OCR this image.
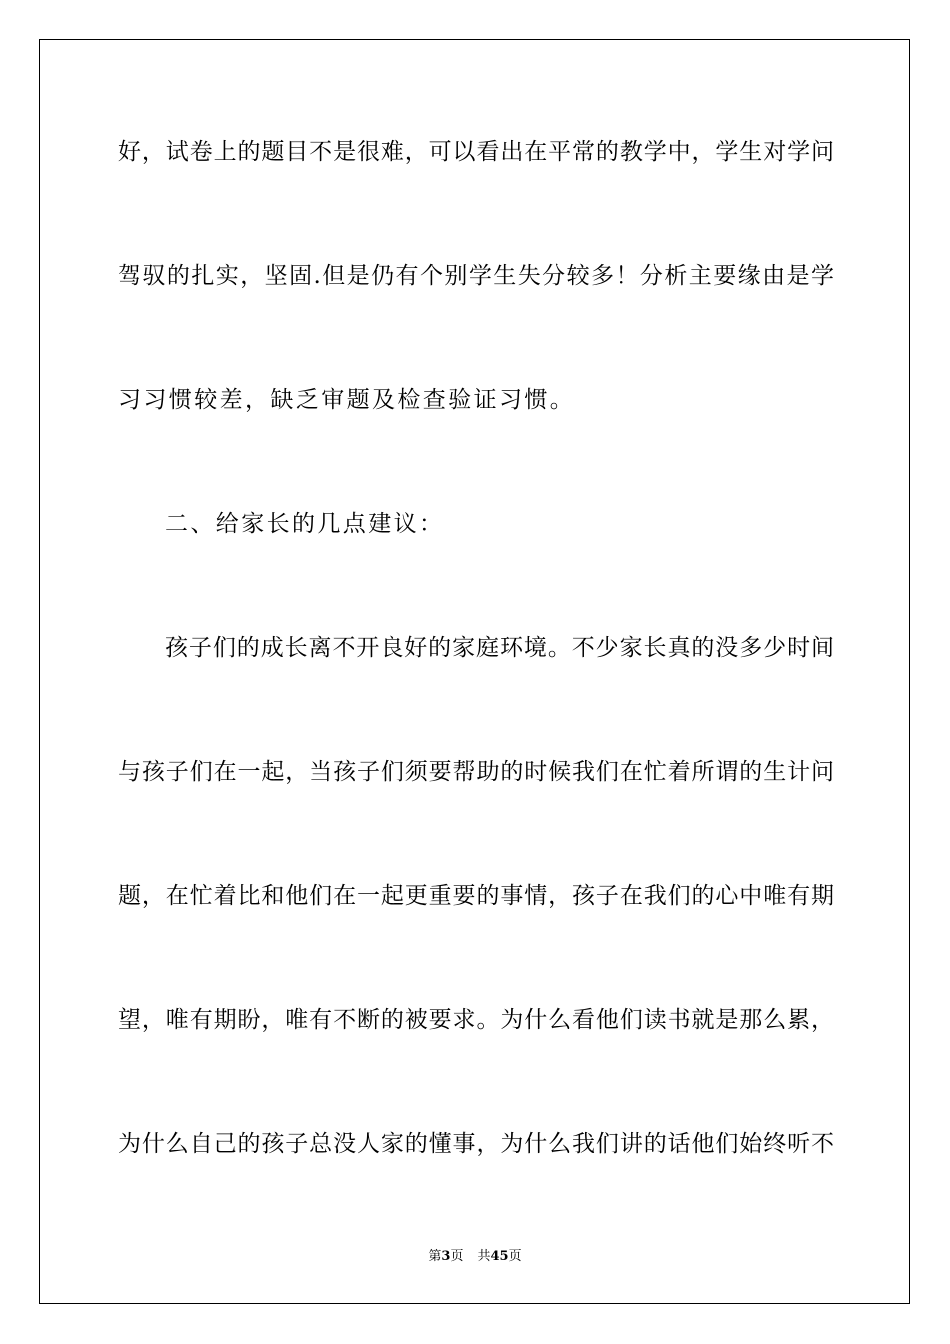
好，试卷上的题目不是很难，可以看出在平常的教学中，学生对学问
驾驭的扎实，坚固.但是仍有个别学生失分较多！分析主要缘由是学
习习惯较差，缺乏审题及检查验证习惯。
二、给家长的几点建议：
孩子们的成长离不开良好的家庭环境。不少家长真的没多少时间
与孩子们在一起，当孩子们须要帮助的时候我们在忙着所谓的生计问
题，在忙着比和他们在一起更重要的事情，孩子在我们的心中唯有期
望，唯有期盼，唯有不断的被要求。为什么看他们读书就是那么累，
为什么自己的孩子总没人家的懂事，为什么我们讲的话他们始终听不
第3页 共45页
